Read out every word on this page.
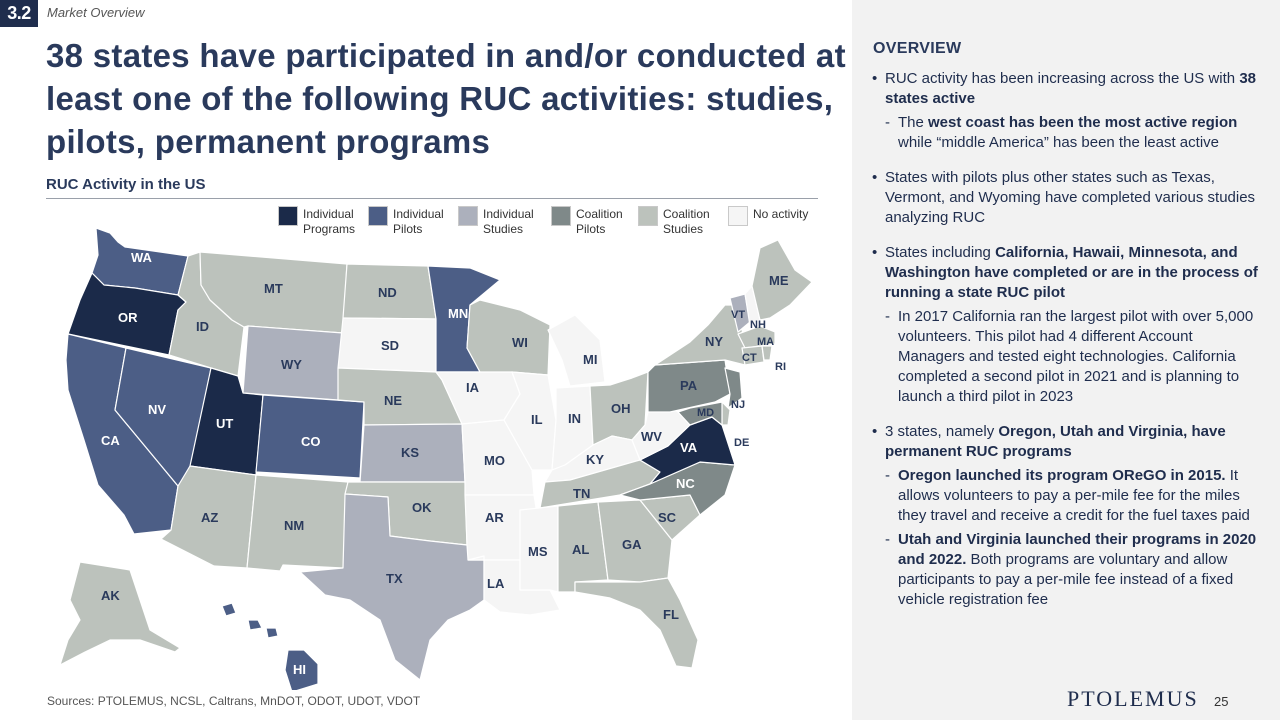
3.2	Market Overview
38 states have participated in and/or conducted at least one of the following RUC activities: studies, pilots, permanent programs
RUC Activity in the US
Individual Programs
Individual Pilots
Individual Studies
Coalition Pilots
Coalition Studies
No activity
WA
OR
CA
ID
NV
MT
WY
UT
CO
AZ
NM
ND
SD
NE
KS
OK
TX
MN
IA
MO
AR
LA
WI
IL
MI
IN
OH
KY
TN
MS AL	GA
FL
SC
NC
VA
WV
PA
NY
ME
VT
NH
MA
CT
RI
NJ
DE
MD
AK
HI
Sources: PTOLEMUS, NCSL, Caltrans, MnDOT, ODOT, UDOT, VDOT
OVERVIEW
• RUC activity has been increasing across the US with 38 states active
- The west coast has been the most active region while “middle America” has been the least active
• States with pilots plus other states such as Texas, Vermont, and Wyoming have completed various studies analyzing RUC
• States including California, Hawaii, Minnesota, and Washington have completed or are in the process of running a state RUC pilot
- In 2017 California ran the largest pilot with over 5,000 volunteers. This pilot had 4 different Account Managers and tested eight technologies. California completed a second pilot in 2021 and is planning to launch a third pilot in 2023
• 3 states, namely Oregon, Utah and Virginia, have permanent RUC programs
- Oregon launched its program OReGO in 2015. It allows volunteers to pay a per-mile fee for the miles they travel and receive a credit for the fuel taxes paid
- Utah and Virginia launched their programs in 2020 and 2022. Both programs are voluntary and allow participants to pay a per-mile fee instead of a fixed vehicle registration fee
PTOLEMUS 25
